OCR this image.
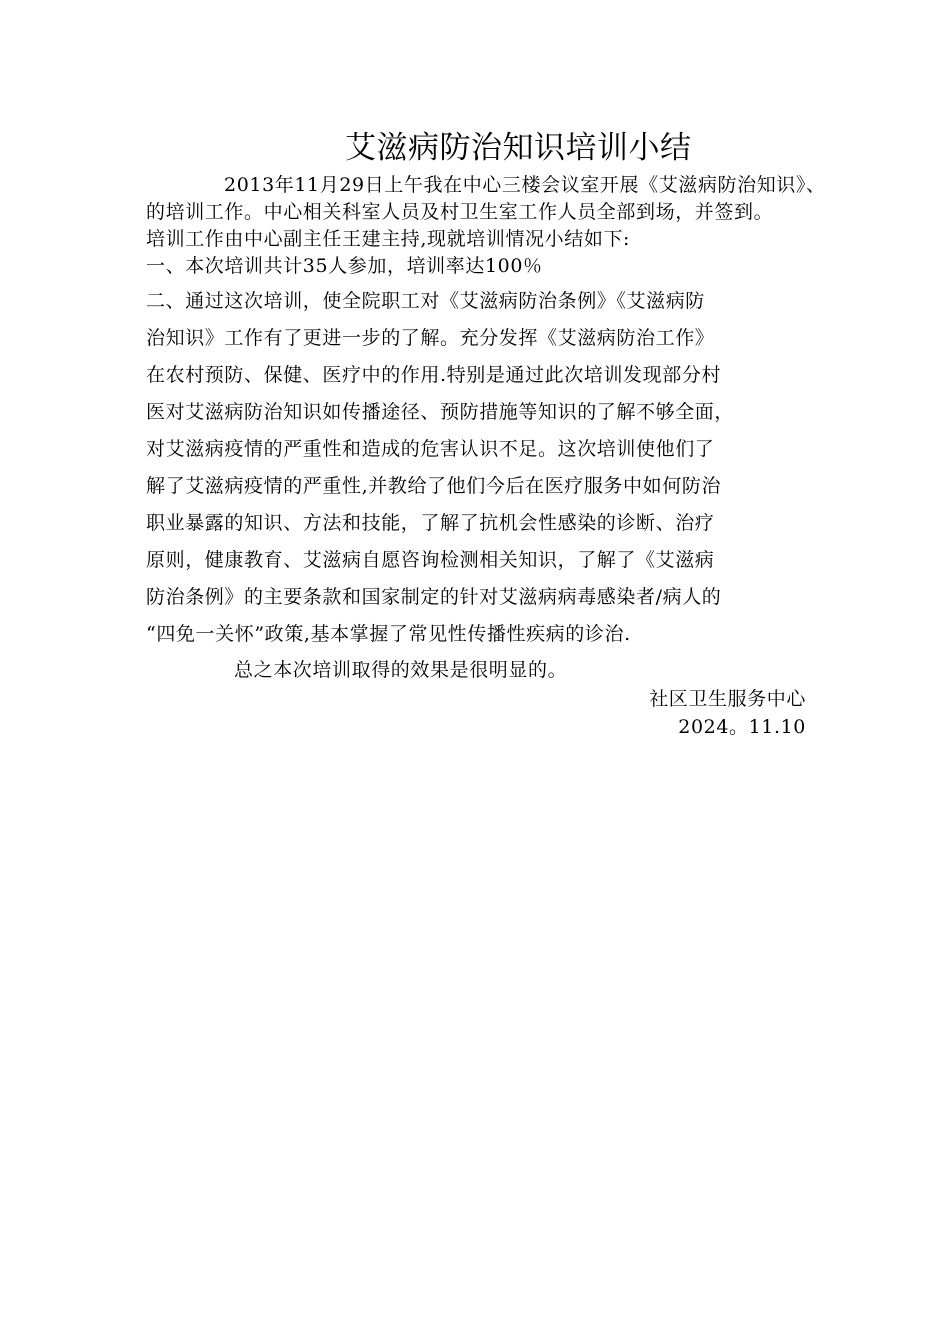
艾滋病防治知识培训小结

2013年11月29日上午我在中心三楼会议室开展《艾滋病防治知识》、的培训工作。中心相关科室人员及村卫生室工作人员全部到场，并签到。

培训工作由中心副主任王建主持,现就培训情况小结如下:

一、本次培训共计35人参加，培训率达100％

二、通过这次培训，使全院职工对《艾滋病防治条例》《艾滋病防

治知识》工作有了更进一步的了解。充分发挥《艾滋病防治工作》

在农村预防、保健、医疗中的作用.特别是通过此次培训发现部分村

医对艾滋病防治知识如传播途径、预防措施等知识的了解不够全面，

对艾滋病疫情的严重性和造成的危害认识不足。这次培训使他们了

解了艾滋病疫情的严重性,并教给了他们今后在医疗服务中如何防治

职业暴露的知识、方法和技能，了解了抗机会性感染的诊断、治疗

原则，健康教育、艾滋病自愿咨询检测相关知识，了解了《艾滋病

防治条例》的主要条款和国家制定的针对艾滋病病毒感染者/病人的

“四免一关怀”政策,基本掌握了常见性传播性疾病的诊治.

总之本次培训取得的效果是很明显的。

社区卫生服务中心

2024。11.10
